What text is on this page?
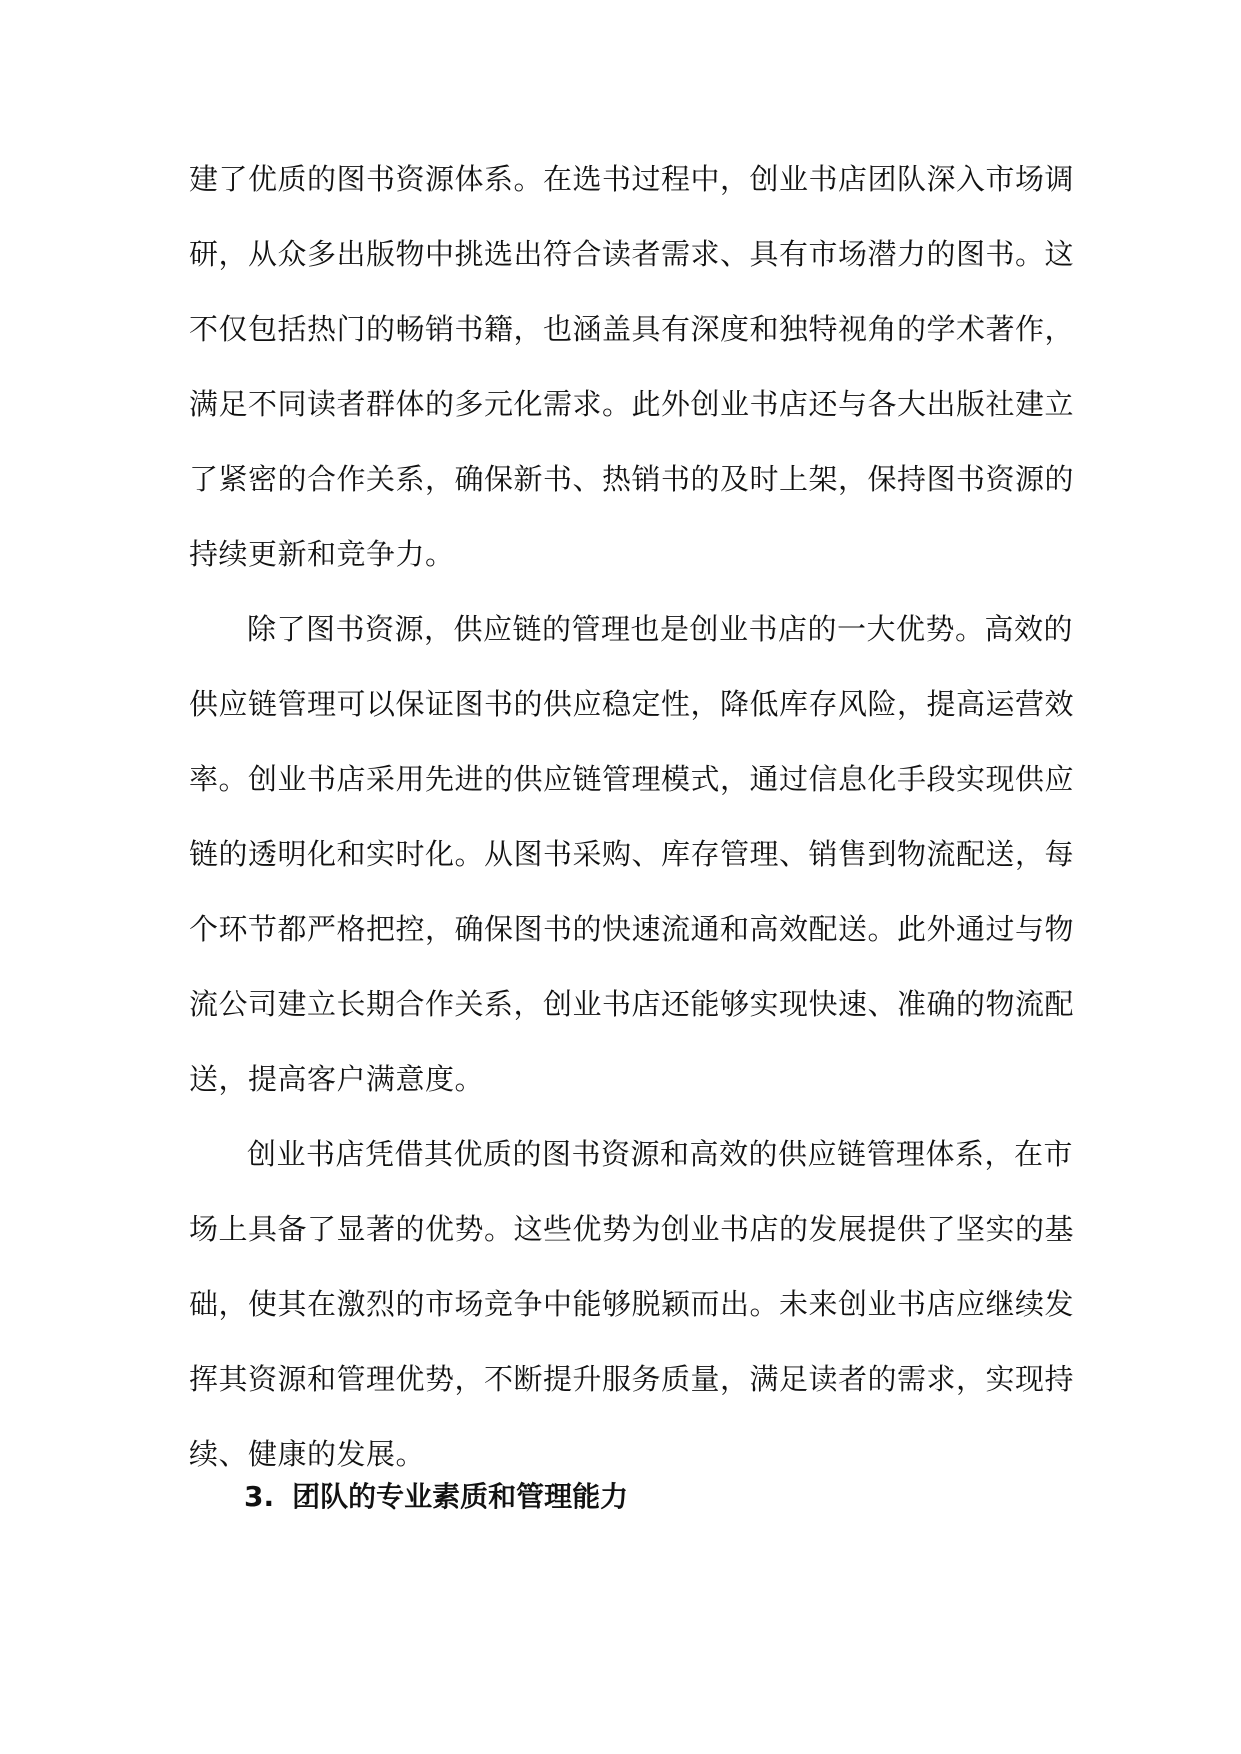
建了优质的图书资源体系。在选书过程中，创业书店团队深入市场调
研，从众多出版物中挑选出符合读者需求、具有市场潜力的图书。这
不仅包括热门的畅销书籍，也涵盖具有深度和独特视角的学术著作，
满足不同读者群体的多元化需求。此外创业书店还与各大出版社建立
了紧密的合作关系，确保新书、热销书的及时上架，保持图书资源的
持续更新和竞争力。
除了图书资源，供应链的管理也是创业书店的一大优势。高效的
供应链管理可以保证图书的供应稳定性，降低库存风险，提高运营效
率。创业书店采用先进的供应链管理模式，通过信息化手段实现供应
链的透明化和实时化。从图书采购、库存管理、销售到物流配送，每
个环节都严格把控，确保图书的快速流通和高效配送。此外通过与物
流公司建立长期合作关系，创业书店还能够实现快速、准确的物流配
送，提高客户满意度。
创业书店凭借其优质的图书资源和高效的供应链管理体系，在市
场上具备了显著的优势。这些优势为创业书店的发展提供了坚实的基
础，使其在激烈的市场竞争中能够脱颖而出。未来创业书店应继续发
挥其资源和管理优势，不断提升服务质量，满足读者的需求，实现持
续、健康的发展。
3. 团队的专业素质和管理能力
